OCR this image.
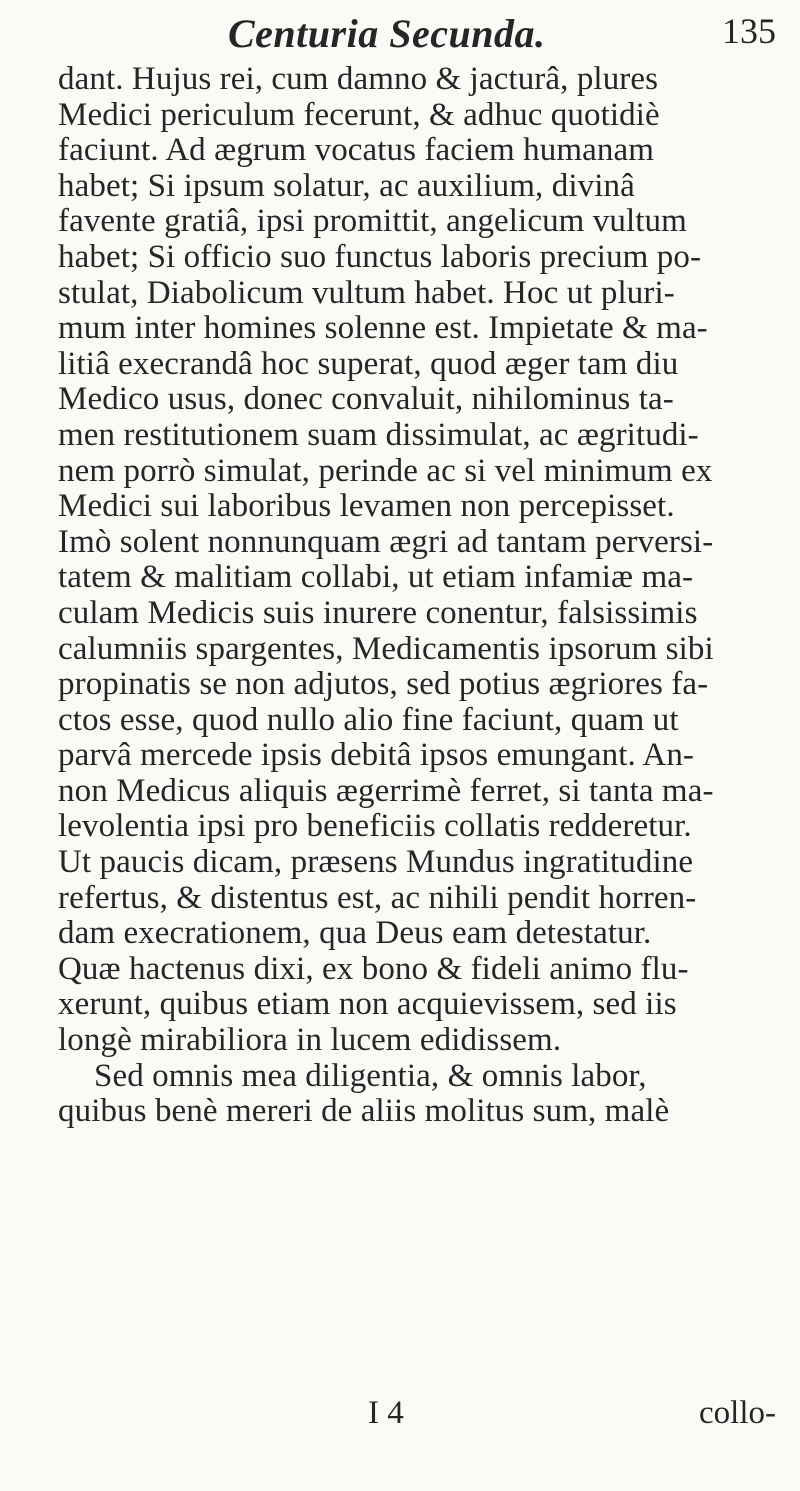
Centuria Secunda.	135
dant. Hujus rei, cum damno & jacturâ, plures
Medici periculum fecerunt, & adhuc quotidiè
faciunt. Ad ægrum vocatus faciem humanam
habet; Si ipsum solatur, ac auxilium, divinâ
favente gratiâ, ipsi promittit, angelicum vultum
habet; Si officio suo functus laboris precium po-
stulat, Diabolicum vultum habet. Hoc ut pluri-
mum inter homines solenne est. Impietate & ma-
litiâ execrandâ hoc superat, quod æger tam diu
Medico usus, donec convaluit, nihilominus ta-
men restitutionem suam dissimulat, ac ægritudi-
nem porrò simulat, perinde ac si vel minimum ex
Medici sui laboribus levamen non percepisset.
Imò solent nonnunquam ægri ad tantam perversi-
tatem & malitiam collabi, ut etiam infamiæ ma-
culam Medicis suis inurere conentur, falsissimis
calumniis spargentes, Medicamentis ipsorum sibi
propinatis se non adjutos, sed potius ægriores fa-
ctos esse, quod nullo alio fine faciunt, quam ut
parvâ mercede ipsis debitâ ipsos emungant. An-
non Medicus aliquis ægerrimè ferret, si tanta ma-
levolentia ipsi pro beneficiis collatis redderetur.
Ut paucis dicam, præsens Mundus ingratitudine
refertus, & distentus est, ac nihili pendit horren-
dam execrationem, qua Deus eam detestatur.
Quæ hactenus dixi, ex bono & fideli animo flu-
xerunt, quibus etiam non acquievissem, sed iis
longè mirabiliora in lucem edidissem.
Sed omnis mea diligentia, & omnis labor,
quibus benè mereri de aliis molitus sum, malè
I 4	collo-
